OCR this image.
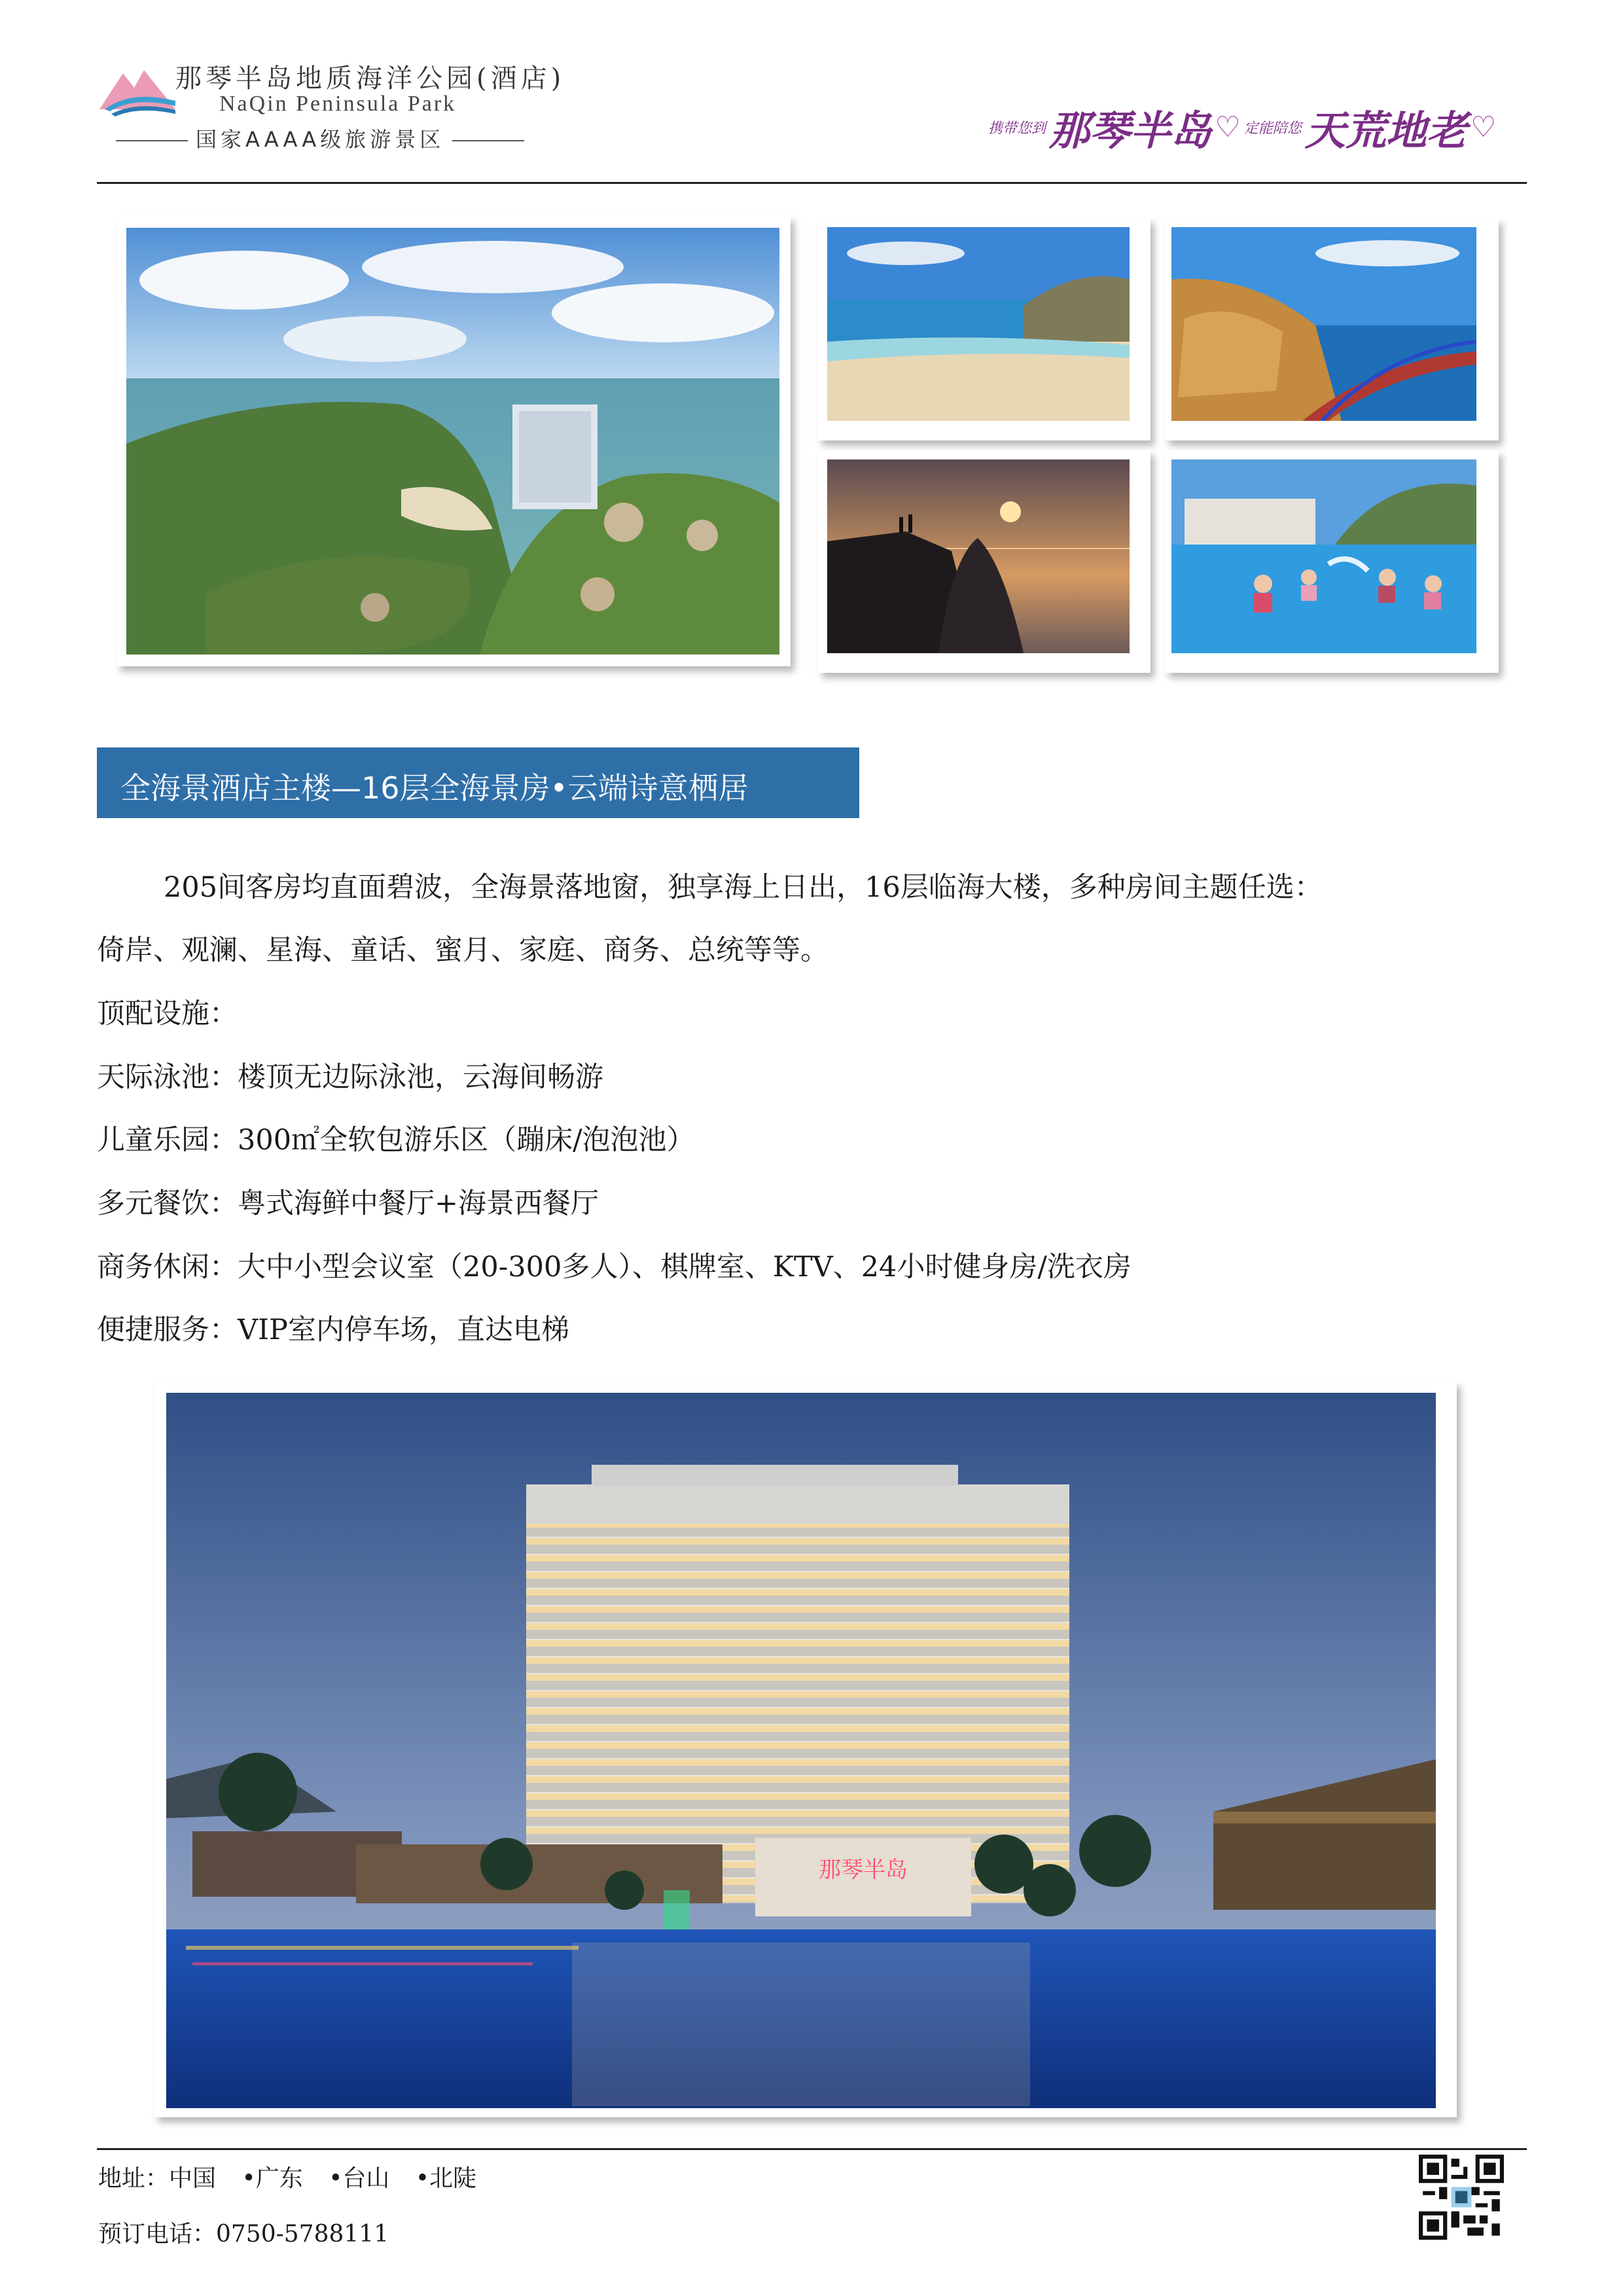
那琴半岛地质海洋公园(酒店)
NaQin Peninsula Park
国家AAAA级旅游景区	携带您到 那琴半岛 ♡ 定能陪您 天荒地老 ♡
全海景酒店主楼—16层全海景房•云端诗意栖居
205间客房均直面碧波，全海景落地窗，独享海上日出，16层临海大楼，多种房间主题任选：
倚岸、观澜、星海、童话、蜜月、家庭、商务、总统等等。
顶配设施：
天际泳池：楼顶无边际泳池，云海间畅游
儿童乐园：300㎡全软包游乐区（蹦床/泡泡池）
多元餐饮：粤式海鲜中餐厅+海景西餐厅
商务休闲：大中小型会议室（20-300多人）、棋牌室、KTV、24小时健身房/洗衣房
便捷服务：VIP室内停车场，直达电梯
那琴半岛
地址：中国 •广东 •台山 •北陡
预订电话：0750-5788111
